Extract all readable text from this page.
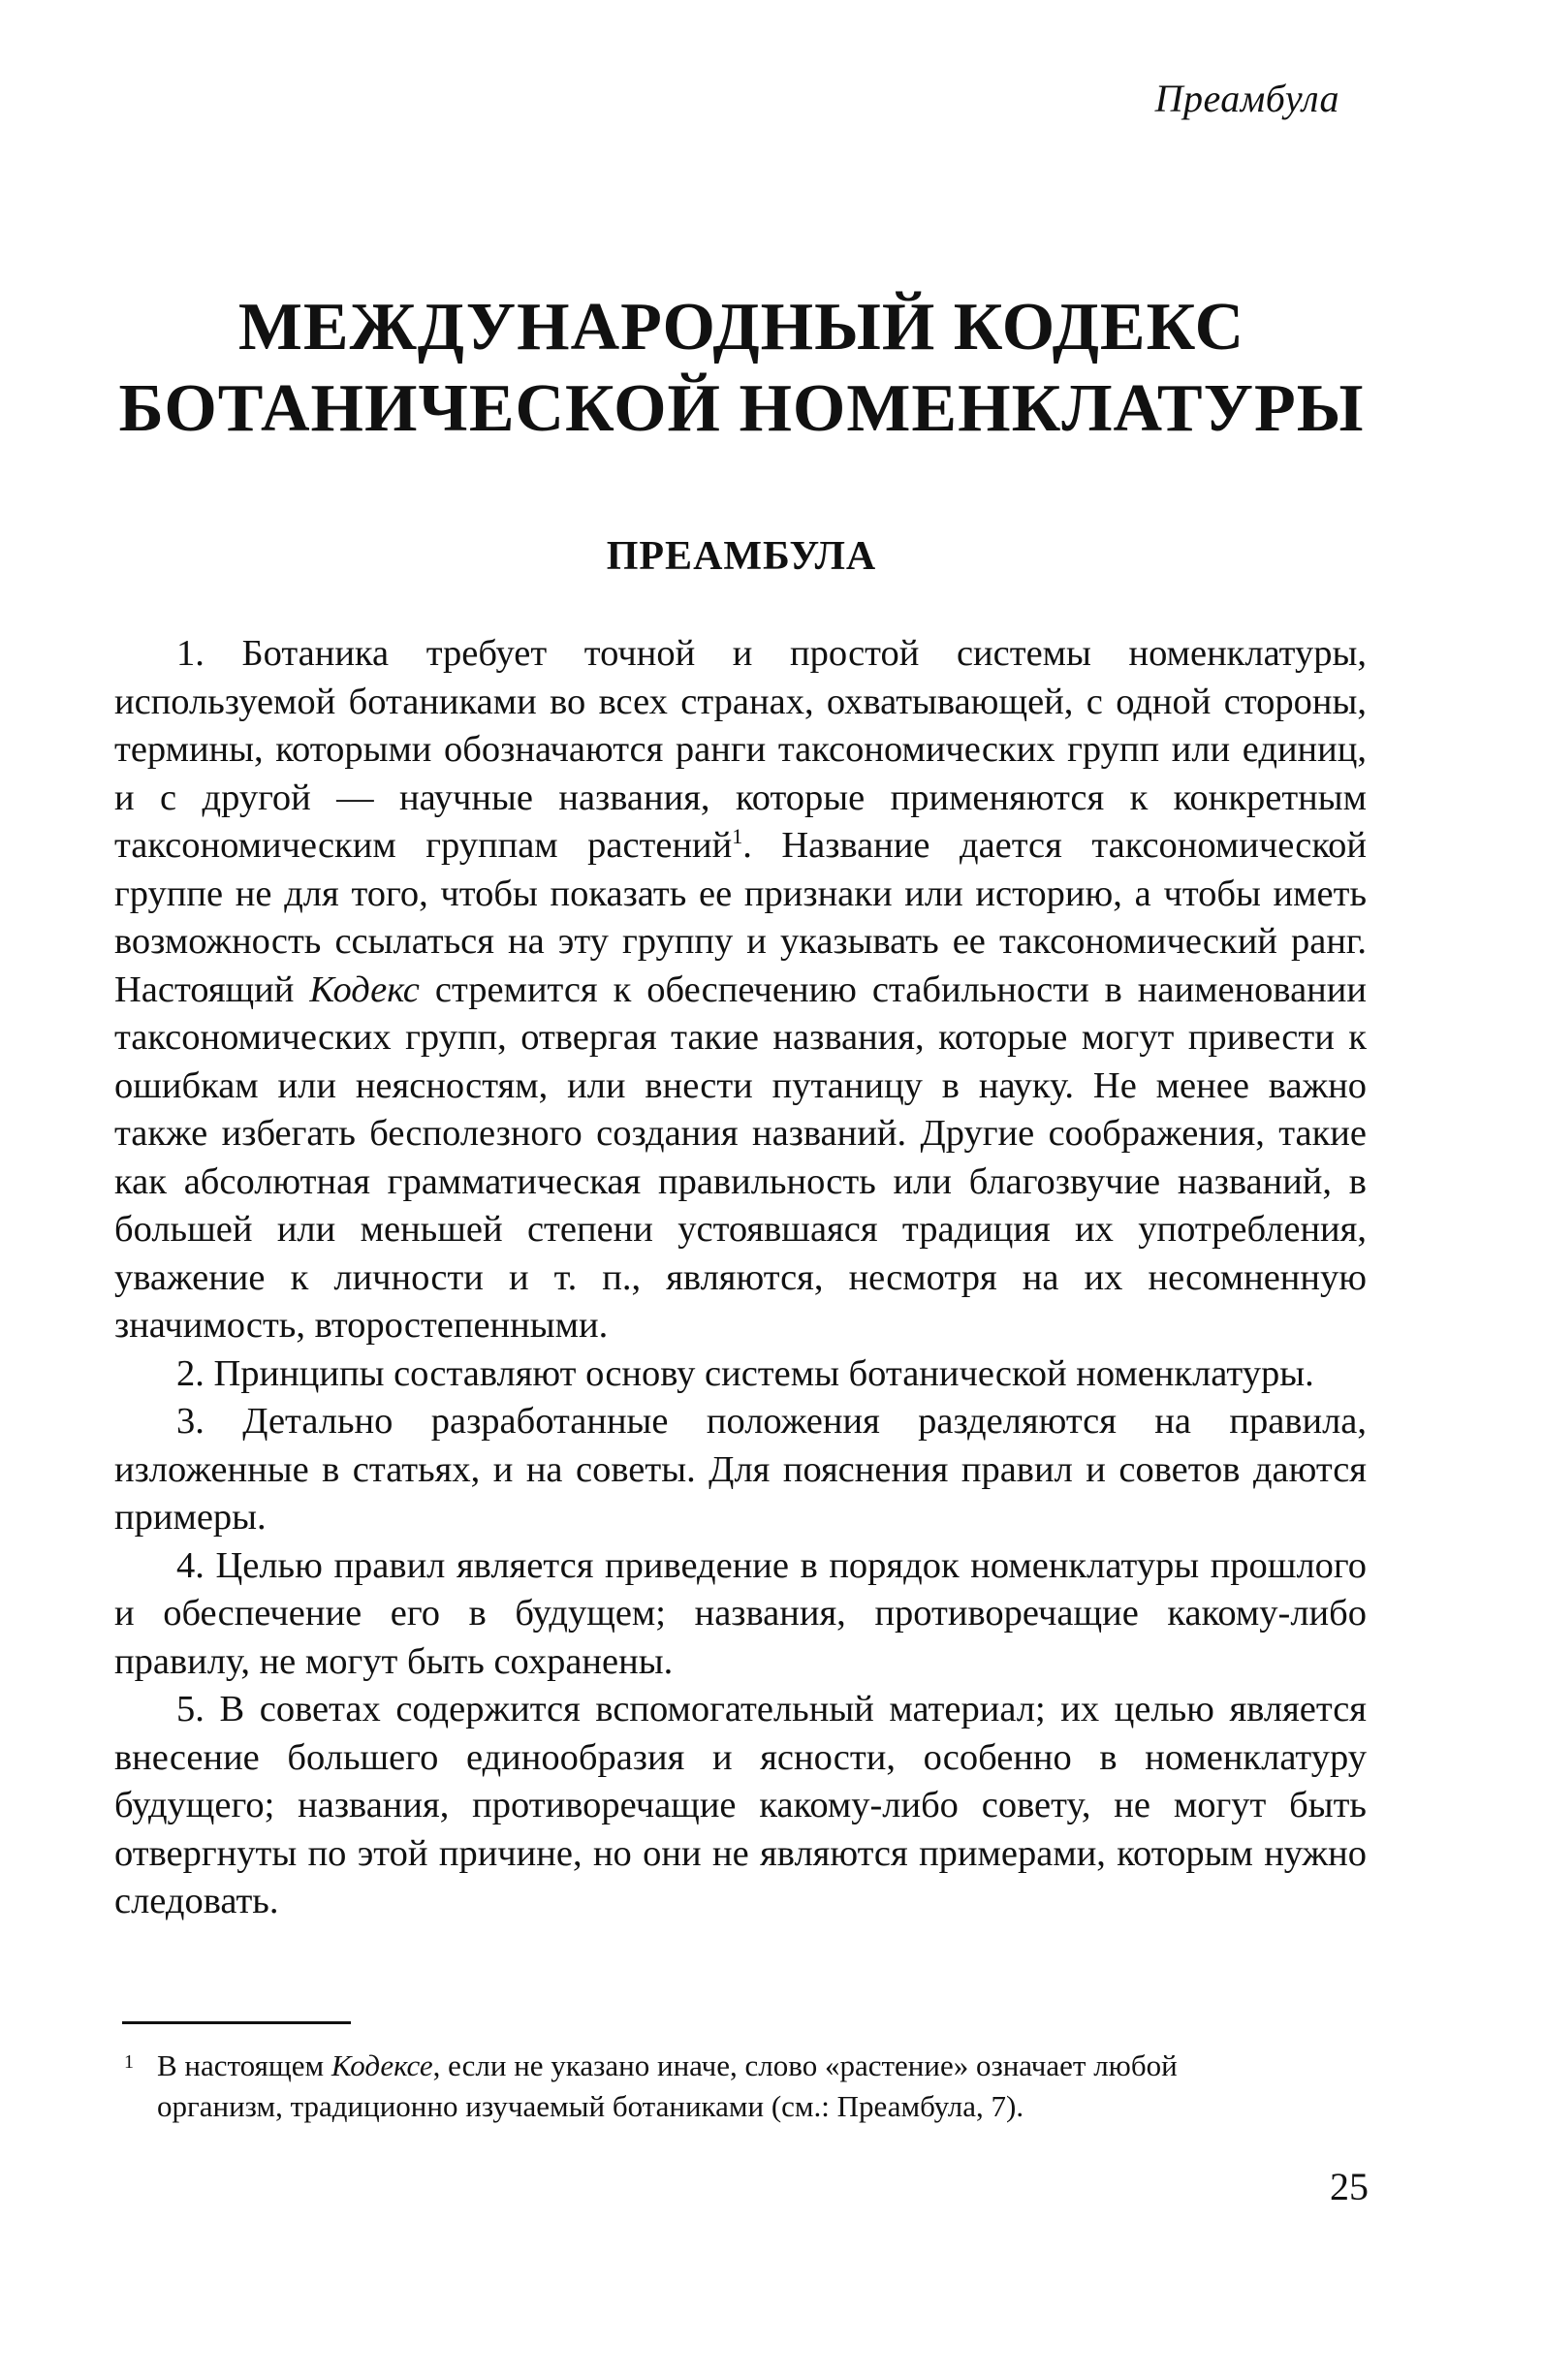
Преамбула
МЕЖДУНАРОДНЫЙ КОДЕКС
БОТАНИЧЕСКОЙ НОМЕНКЛАТУРЫ
ПРЕАМБУЛА

1. Ботаника требует точной и простой системы номенклатуры, используемой ботаниками во всех странах, охватывающей, с одной стороны, термины, которыми обозначаются ранги таксономических групп или единиц, и с другой — научные названия, которые применяются к конкретным таксономическим группам растений$^1$. Название дается таксономической группе не для того, чтобы показать ее признаки или историю, а чтобы иметь возможность ссылаться на эту группу и указывать ее таксономический ранг. Настоящий Кодекс стремится к обеспечению стабильности в наименовании таксономических групп, отвергая такие названия, которые могут привести к ошибкам или неясностям, или внести путаницу в науку. Не менее важно также избегать бесполезного создания названий. Другие соображения, такие как абсолютная грамматическая правильность или благозвучие названий, в большей или меньшей степени устоявшаяся традиция их употребления, уважение к личности и т. п., являются, несмотря на их несомненную значимость, второстепенными.

2. Принципы составляют основу системы ботанической номенклатуры.

3. Детально разработанные положения разделяются на правила, изложенные в статьях, и на советы. Для пояснения правил и советов даются примеры.

4. Целью правил является приведение в порядок номенклатуры прошлого и обеспечение его в будущем; названия, противоречащие какому-либо правилу, не могут быть сохранены.

5. В советах содержится вспомогательный материал; их целью является внесение большего единообразия и ясности, особенно в номенклатуру будущего; названия, противоречащие какому-либо совету, не могут быть отвергнуты по этой причине, но они не являются примерами, которым нужно следовать.

1 В настоящем Кодексе, если не указано иначе, слово «растение» означает любой
организм, традиционно изучаемый ботаниками (см.: Преамбула, 7).
25
